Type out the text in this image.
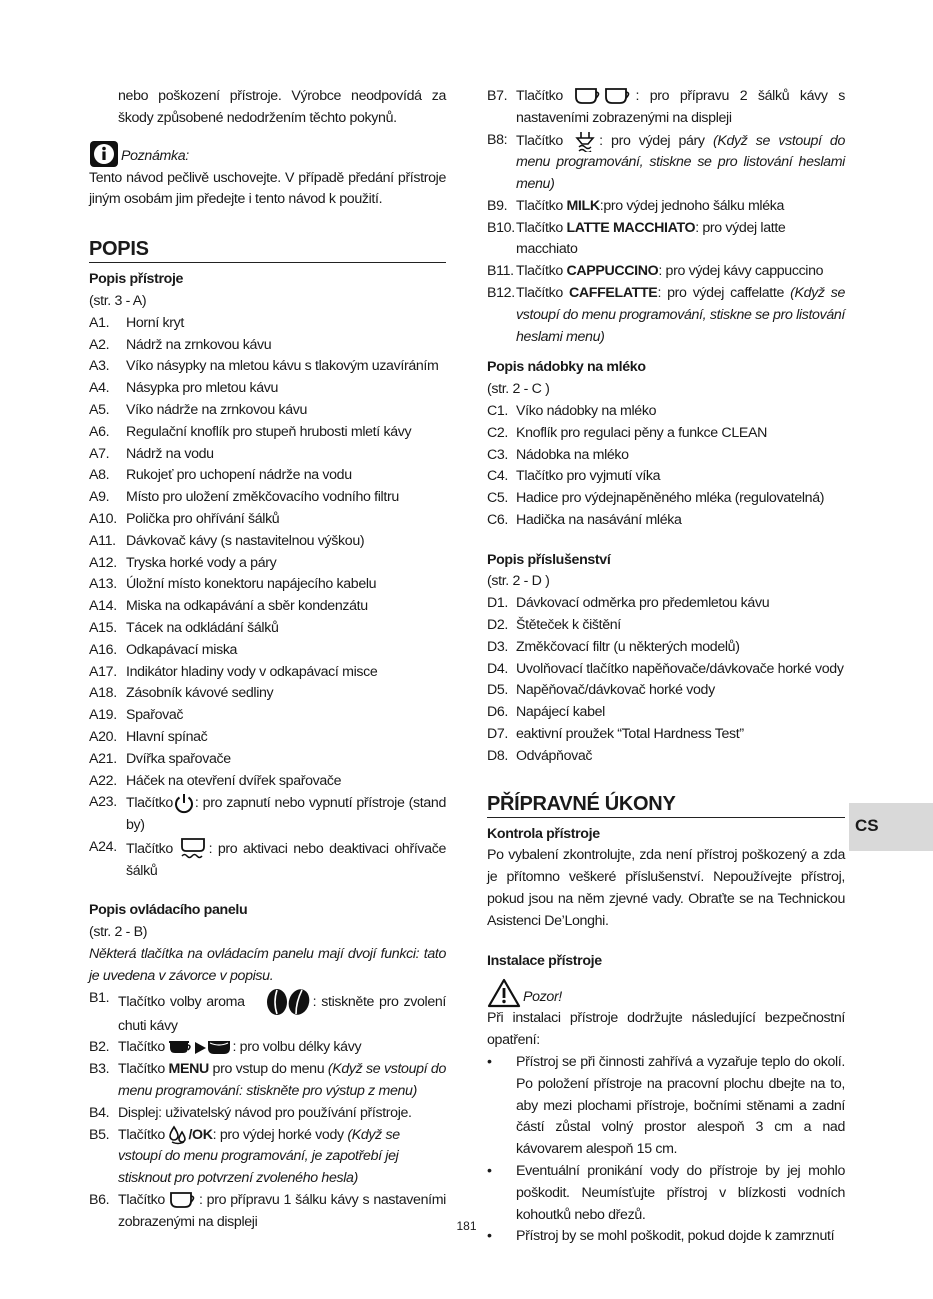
nebo poškození přístroje. Výrobce neodpovídá za škody způsobené nedodržením těchto pokynů.

Poznámka:

Tento návod pečlivě uschovejte. V případě předání přístroje jiným osobám jim předejte i tento návod k použití.

POPIS

Popis přístroje

(str. 3 - A)

A1.	Horní kryt
A2.	Nádrž na zrnkovou kávu
A3.	Víko násypky na mletou kávu s tlakovým uzavíráním
A4.	Násypka pro mletou kávu
A5.	Víko nádrže na zrnkovou kávu
A6.	Regulační knoflík pro stupeň hrubosti mletí kávy
A7.	Nádrž na vodu
A8.	Rukojeť pro uchopení nádrže na vodu
A9.	Místo pro uložení změkčovacího vodního filtru
A10. Polička pro ohřívání šálků
A11. Dávkovač kávy (s nastavitelnou výškou)
A12. Tryska horké vody a páry
A13. Úložní místo konektoru napájecího kabelu
A14. Miska na odkapávání a sběr kondenzátu
A15. Tácek na odkládání šálků
A16. Odkapávací miska
A17. Indikátor hladiny vody v odkapávací misce
A18. Zásobník kávové sedliny
A19. Spařovač
A20. Hlavní spínač
A21. Dvířka spařovače
A22. Háček na otevření dvířek spařovače
A23. Tlačítko : pro zapnutí nebo vypnutí přístroje (stand by)
A24. Tlačítko	: pro aktivaci nebo deaktivaci ohřívače šálků

Popis ovládacího panelu

(str. 2 - B)

Některá tlačítka na ovládacím panelu mají dvojí funkci: tato je uvedena v závorce v popisu.

B1. Tlačítko volby aroma	: stiskněte pro zvolení chuti kávy
B2. Tlačítko	: pro volbu délky kávy
B3. Tlačítko MENU pro vstup do menu (Když se vstoupí do menu programování: stiskněte pro výstup z menu)
B4. Displej: uživatelský návod pro používání přístroje.
B5. Tlačítko /OK: pro výdej horké vody (Když se vstoupí do menu programování, je zapotřebí jej stisknout pro potvrzení zvoleného hesla)
B6. Tlačítko : pro přípravu 1 šálku kávy s nastaveními zobrazenými na displeji
B7. Tlačítko	: pro přípravu 2 šálků kávy s nastaveními zobrazenými na displeji
B8: Tlačítko	: pro výdej páry (Když se vstoupí do menu programování, stiskne se pro listování heslami menu)
B9. Tlačítko MILK:pro výdej jednoho šálku mléka
B10. Tlačítko LATTE MACCHIATO: pro výdej latte macchiato
B11. Tlačítko CAPPUCCINO: pro výdej kávy cappuccino
B12. Tlačítko CAFFELATTE: pro výdej caffelatte (Když se vstoupí do menu programování, stiskne se pro listování heslami menu)

Popis nádobky na mléko

(str. 2 - C )

C1. Víko nádobky na mléko
C2. Knoflík pro regulaci pěny a funkce CLEAN
C3. Nádobka na mléko
C4. Tlačítko pro vyjmutí víka
C5. Hadice pro výdejnapěněného mléka (regulovatelná)
C6. Hadička na nasávání mléka

Popis příslušenství

(str. 2 - D )

D1. Dávkovací odměrka pro předemletou kávu
D2. Štěteček k čištění
D3. Změkčovací filtr (u některých modelů)
D4. Uvolňovací tlačítko napěňovače/dávkovače horké vody
D5. Napěňovač/dávkovač horké vody
D6. Napájecí kabel
D7. eaktivní proužek “Total Hardness Test”
D8. Odvápňovač
PŘÍPRAVNÉ ÚKONY

Kontrola přístroje

Po vybalení zkontrolujte, zda není přístroj poškozený a zda je přítomno veškeré příslušenství. Nepoužívejte přístroj, pokud jsou na něm zjevné vady. Obraťte se na Technickou Asistenci De’Longhi.

Instalace přístroje

Pozor!

Při instalaci přístroje dodržujte následující bezpečnostní opatření:

•	Přístroj se při činnosti zahřívá a vyzařuje teplo do okolí. Po položení přístroje na pracovní plochu dbejte na to, aby mezi plochami přístroje, bočními stěnami a zadní částí zůstal volný prostor alespoň 3 cm a nad kávovarem alespoň 15 cm.
•	Eventuální pronikání vody do přístroje by jej mohlo poškodit. Neumísťujte přístroj v blízkosti vodních kohoutků nebo dřezů.
•	Přístroj by se mohl poškodit, pokud dojde k zamrznutí
CS
181
